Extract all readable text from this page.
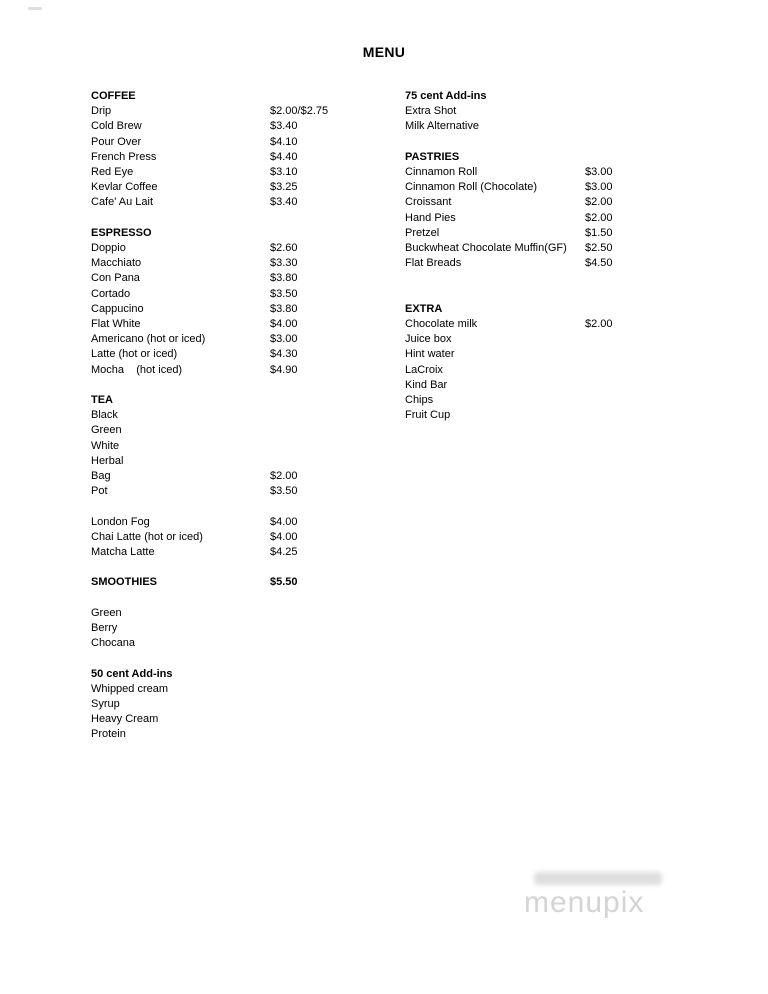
MENU
COFFEE
Drip	$2.00/$2.75
Cold Brew	$3.40
Pour Over	$4.10
French Press	$4.40
Red Eye	$3.10
Kevlar Coffee	$3.25
Cafe' Au Lait	$3.40
ESPRESSO
Doppio	$2.60
Macchiato	$3.30
Con Pana	$3.80
Cortado	$3.50
Cappucino	$3.80
Flat White	$4.00
Americano (hot or iced)	$3.00
Latte (hot or iced)	$4.30
Mocha    (hot iced)	$4.90
TEA
Black
Green
White
Herbal
Bag	$2.00
Pot	$3.50
London Fog	$4.00
Chai Latte (hot or iced)	$4.00
Matcha Latte	$4.25
SMOOTHIES	$5.50
Green
Berry
Chocana
50 cent Add-ins
Whipped cream
Syrup
Heavy Cream
Protein
75 cent Add-ins
Extra Shot
Milk Alternative
PASTRIES
Cinnamon Roll	$3.00
Cinnamon Roll (Chocolate)	$3.00
Croissant	$2.00
Hand Pies	$2.00
Pretzel	$1.50
Buckwheat Chocolate Muffin(GF)	$2.50
Flat Breads	$4.50
EXTRA
Chocolate milk	$2.00
Juice box
Hint water
LaCroix
Kind Bar
Chips
Fruit Cup
menupix
